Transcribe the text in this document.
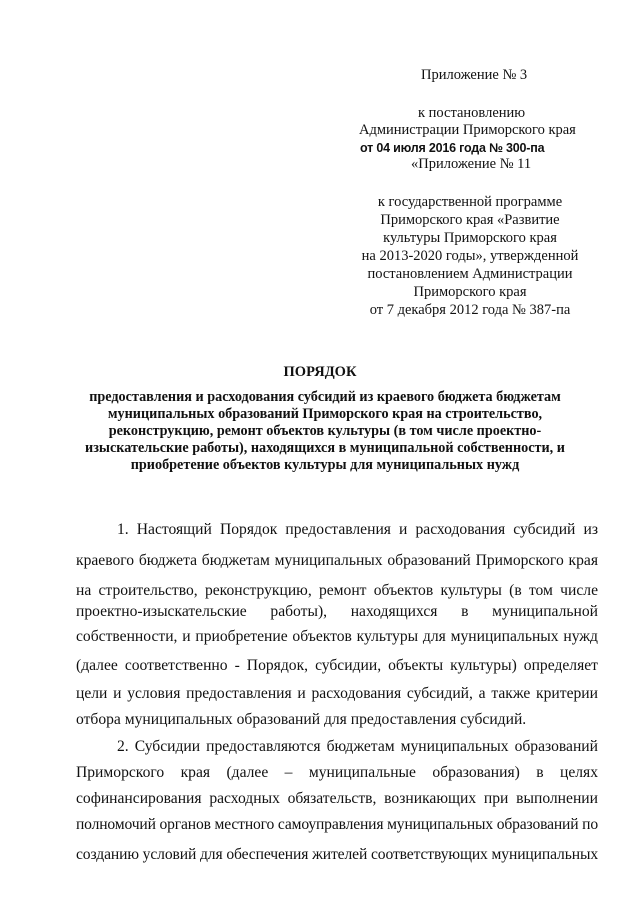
Приложение № 3
к постановлению
Администрации Приморского края
от 04 июля 2016 года № 300-па
«Приложение № 11
к государственной программе
Приморского края «Развитие
культуры Приморского края
на 2013-2020 годы», утвержденной
постановлением Администрации
Приморского края
от 7 декабря 2012 года № 387-па
ПОРЯДОК
предоставления и расходования субсидий из краевого бюджета бюджетам
муниципальных образований Приморского края на строительство,
реконструкцию, ремонт объектов культуры (в том числе проектно-
изыскательские работы), находящихся в муниципальной собственности, и
приобретение объектов культуры для муниципальных нужд
1. Настоящий Порядок предоставления и расходования субсидий из
краевого бюджета бюджетам муниципальных образований Приморского края
на строительство, реконструкцию, ремонт объектов культуры (в том числе
проектно-изыскательские работы), находящихся в муниципальной
собственности, и приобретение объектов культуры для муниципальных нужд
(далее соответственно - Порядок, субсидии, объекты культуры) определяет
цели и условия предоставления и расходования субсидий, а также критерии
отбора муниципальных образований для предоставления субсидий.
2. Субсидии предоставляются бюджетам муниципальных образований
Приморского края (далее – муниципальные образования) в целях
софинансирования расходных обязательств, возникающих при выполнении
полномочий органов местного самоуправления муниципальных образований по
созданию условий для обеспечения жителей соответствующих муниципальных
